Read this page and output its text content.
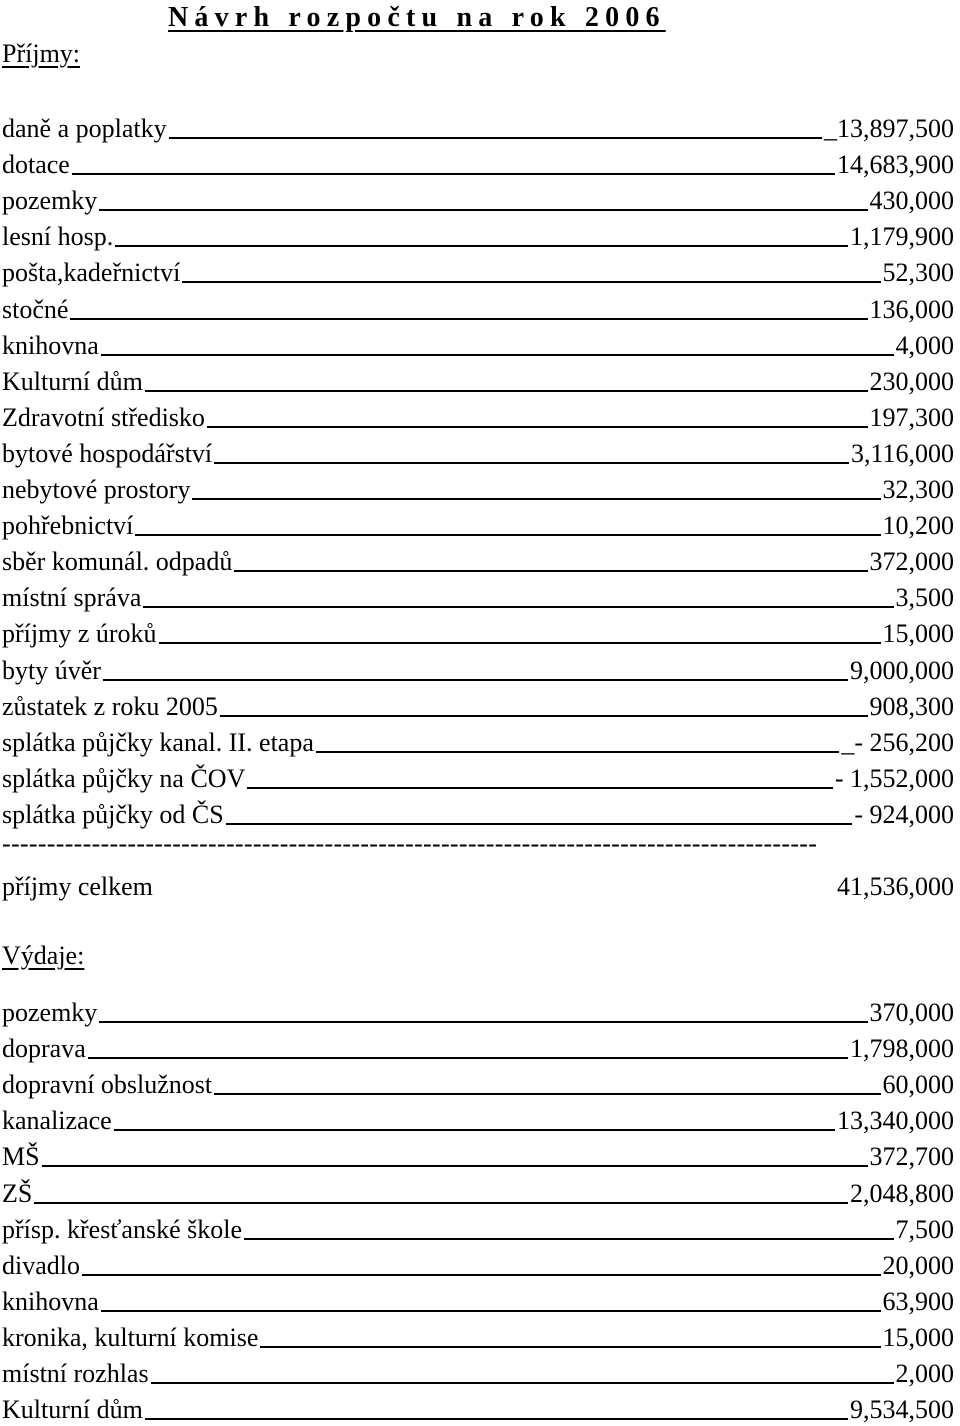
Návrh rozpočtu na rok 2006
Příjmy:
daně a poplatky	_13,897,500
dotace	14,683,900
pozemky	430,000
lesní hosp.	1,179,900
pošta,kadeřnictví	52,300
stočné	136,000
knihovna	4,000
Kulturní dům	230,000
Zdravotní středisko	197,300
bytové hospodářství	3,116,000
nebytové prostory	32,300
pohřebnictví	10,200
sběr komunál. odpadů	372,000
místní správa	3,500
příjmy z úroků	15,000
byty úvěr	9,000,000
zůstatek z roku 2005	908,300
splátka půjčky kanal. II. etapa	_- 256,200
splátka půjčky na ČOV	- 1,552,000
splátka půjčky od ČS	- 924,000
-------------------------------------------------------------------------------------------
příjmy celkem	41,536,000
Výdaje:
pozemky	370,000
doprava	1,798,000
dopravní obslužnost	60,000
kanalizace	13,340,000
MŠ	372,700
ZŠ	2,048,800
přísp. křesťanské škole	7,500
divadlo	20,000
knihovna	63,900
kronika, kulturní komise	15,000
místní rozhlas	2,000
Kulturní dům	9,534,500
